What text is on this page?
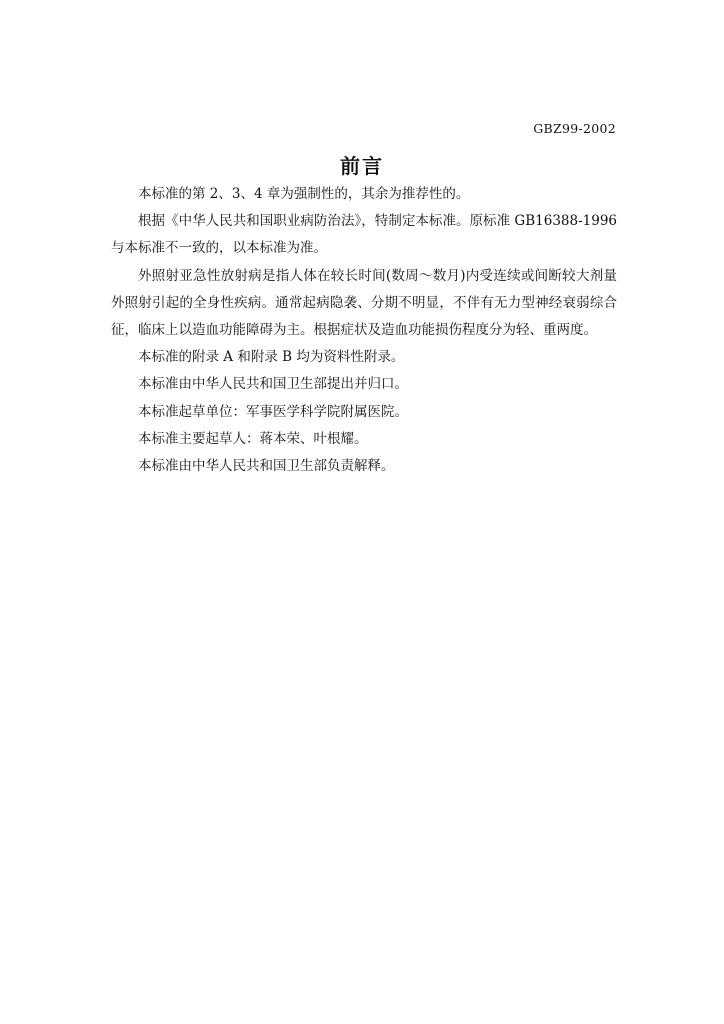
GBZ99-2002
前言

本标准的第 2、3、4 章为强制性的，其余为推荐性的。

根据《中华人民共和国职业病防治法》，特制定本标准。原标准 GB16388-1996 与本标准不一致的，以本标准为准。

外照射亚急性放射病是指人体在较长时间(数周～数月)内受连续或间断较大剂量外照射引起的全身性疾病。通常起病隐袭、分期不明显，不伴有无力型神经衰弱综合征，临床上以造血功能障碍为主。根据症状及造血功能损伤程度分为轻、重两度。

本标准的附录 A 和附录 B 均为资料性附录。

本标准由中华人民共和国卫生部提出并归口。

本标准起草单位：军事医学科学院附属医院。

本标准主要起草人：蒋本荣、叶根耀。

本标准由中华人民共和国卫生部负责解释。
